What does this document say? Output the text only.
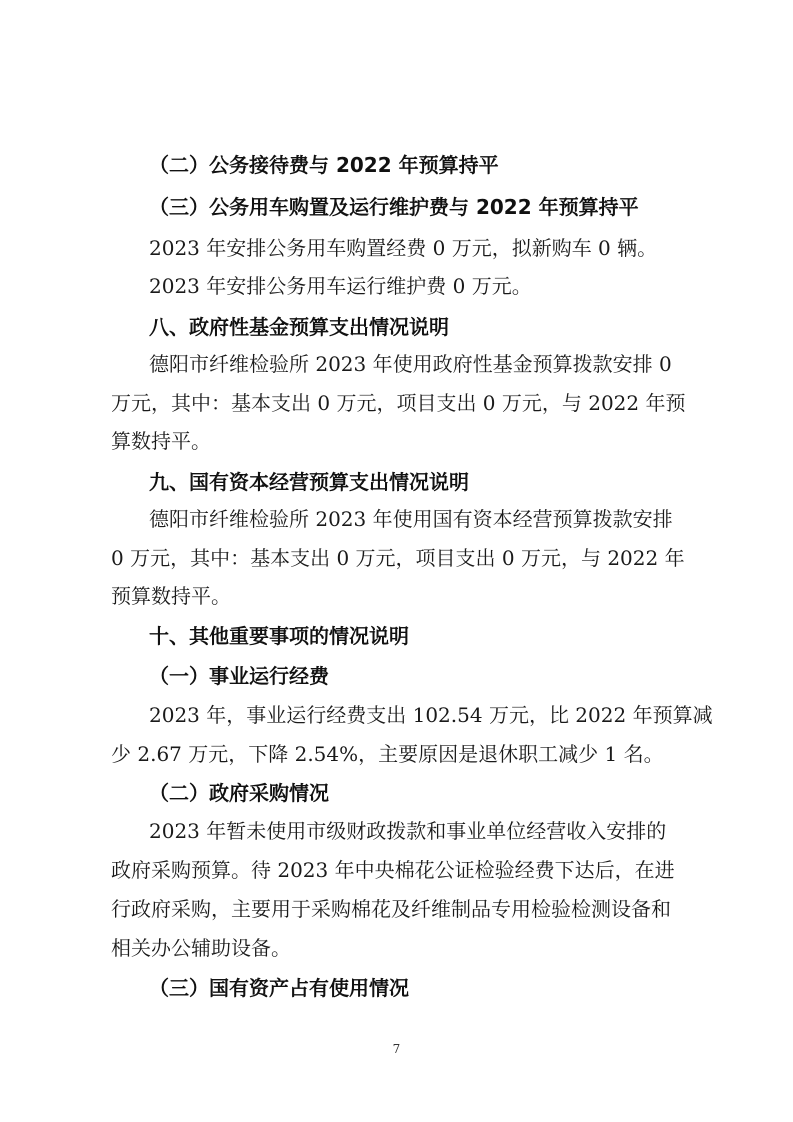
（二）公务接待费与 2022 年预算持平
（三）公务用车购置及运行维护费与 2022 年预算持平
2023 年安排公务用车购置经费 0 万元，拟新购车 0 辆。
2023 年安排公务用车运行维护费 0 万元。
八、政府性基金预算支出情况说明
德阳市纤维检验所 2023 年使用政府性基金预算拨款安排 0
万元，其中：基本支出 0 万元，项目支出 0 万元，与 2022 年预
算数持平。
九、国有资本经营预算支出情况说明
德阳市纤维检验所 2023 年使用国有资本经营预算拨款安排
0 万元，其中：基本支出 0 万元，项目支出 0 万元，与 2022 年
预算数持平。
十、其他重要事项的情况说明
（一）事业运行经费
2023 年，事业运行经费支出 102.54 万元，比 2022 年预算减
少 2.67 万元，下降 2.54%，主要原因是退休职工减少 1 名。
（二）政府采购情况
2023 年暂未使用市级财政拨款和事业单位经营收入安排的
政府采购预算。待 2023 年中央棉花公证检验经费下达后，在进
行政府采购，主要用于采购棉花及纤维制品专用检验检测设备和
相关办公辅助设备。
（三）国有资产占有使用情况
7
